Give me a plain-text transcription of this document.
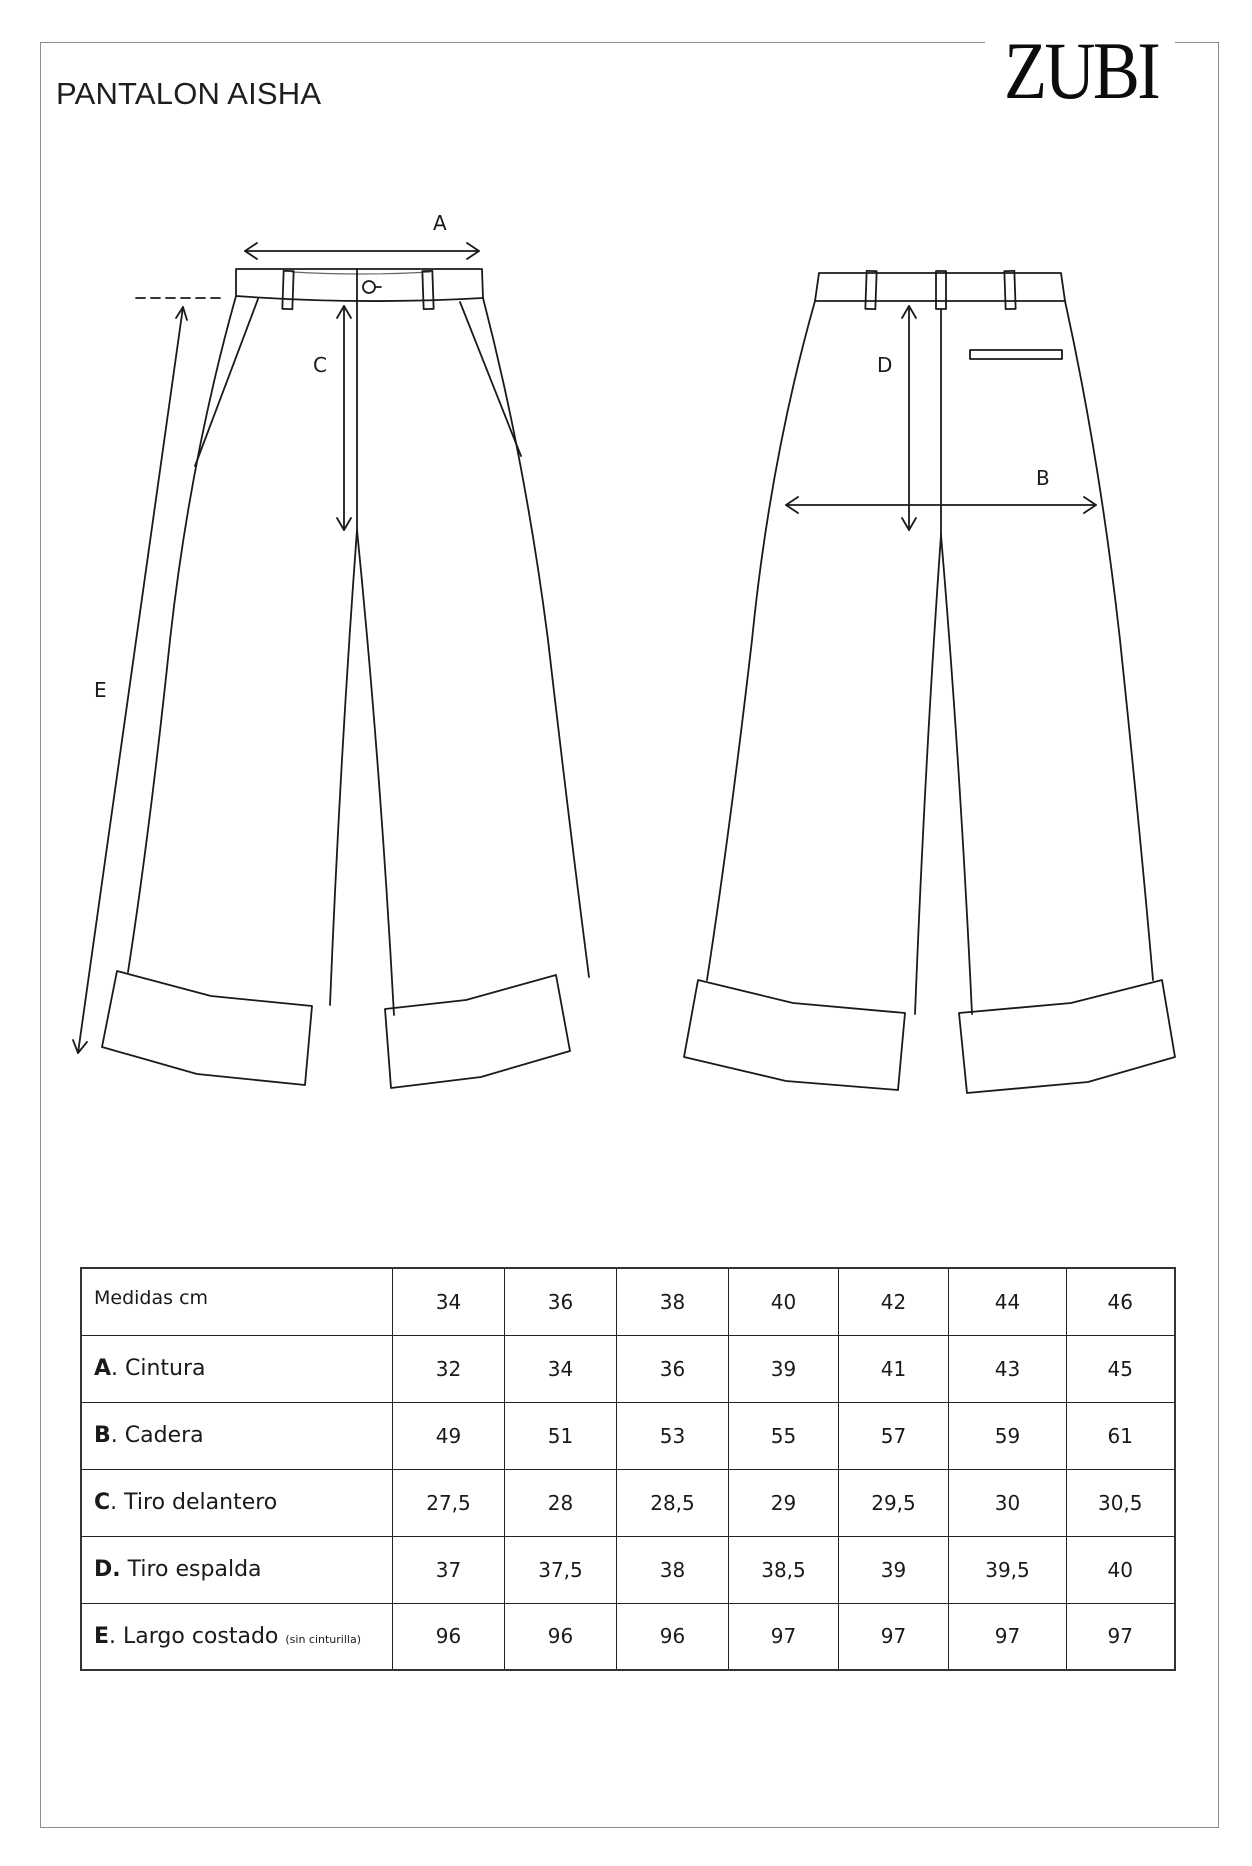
PANTALON AISHA	ZUBI
A
C
E
D
B
Medidas cm	34	36	38	40	42	44	46
A. Cintura	32	34	36	39	41	43	45
B. Cadera	49	51	53	55	57	59	61
C. Tiro delantero	27,5	28	28,5	29	29,5	30	30,5
D. Tiro espalda	37	37,5	38	38,5	39	39,5	40
E. Largo costado (sin cinturilla)	96	96	96	97	97	97	97
